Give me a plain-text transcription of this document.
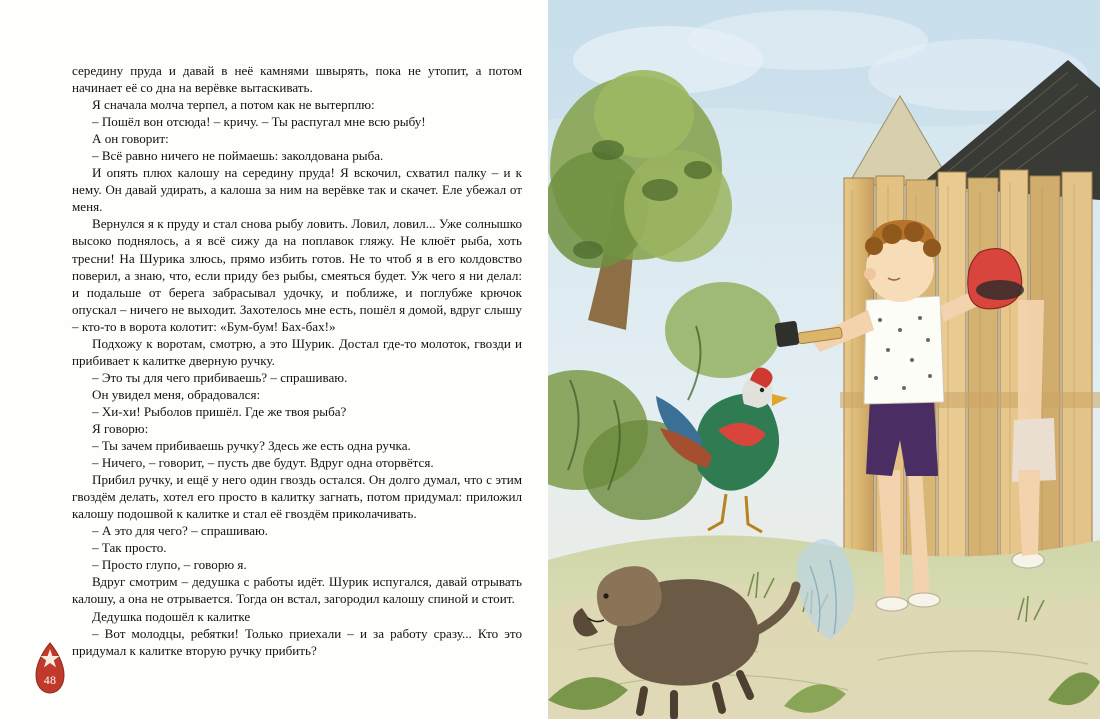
середину пруда и давай в неё камнями швырять, пока не утопит, а потом начинает её со дна на верёвке вытаскивать.

Я сначала молча терпел, а потом как не вытерплю:

– Пошёл вон отсюда! – кричу. – Ты распугал мне всю рыбу!

А он говорит:

– Всё равно ничего не поймаешь: заколдована рыба.

И опять плюх калошу на середину пруда! Я вскочил, схватил палку – и к нему. Он давай удирать, а калоша за ним на верёвке так и скачет. Еле убежал от меня.

Вернулся я к пруду и стал снова рыбу ловить. Ловил, ловил... Уже солнышко высоко поднялось, а я всё сижу да на поплавок гляжу. Не клюёт рыба, хоть тресни! На Шурика злюсь, прямо избить готов. Не то чтоб я в его колдовство поверил, а знаю, что, если приду без рыбы, смеяться будет. Уж чего я ни делал: и подальше от берега забрасывал удочку, и поближе, и поглубже крючок опускал – ничего не выходит. Захотелось мне есть, пошёл я домой, вдруг слышу – кто-то в ворота колотит: «Бум-бум! Бах-бах!»

Подхожу к воротам, смотрю, а это Шурик. Достал где-то молоток, гвозди и прибивает к калитке дверную ручку.

– Это ты для чего прибиваешь? – спрашиваю.

Он увидел меня, обрадовался:

– Хи-хи! Рыболов пришёл. Где же твоя рыба?

Я говорю:

– Ты зачем прибиваешь ручку? Здесь же есть одна ручка.

– Ничего, – говорит, – пусть две будут. Вдруг одна оторвётся.

Прибил ручку, и ещё у него один гвоздь остался. Он долго думал, что с этим гвоздём делать, хотел его просто в калитку загнать, потом придумал: приложил калошу подошвой к калитке и стал её гвоздём приколачивать.

– А это для чего? – спрашиваю.

– Так просто.

– Просто глупо, – говорю я.

Вдруг смотрим – дедушка с работы идёт. Шурик испугался, давай отрывать калошу, а она не отрывается. Тогда он встал, загородил калошу спиной и стоит.

Дедушка подошёл к калитке

– Вот молодцы, ребятки! Только приехали – и за работу сразу... Кто это придумал к калитке вторую ручку прибить?

48
